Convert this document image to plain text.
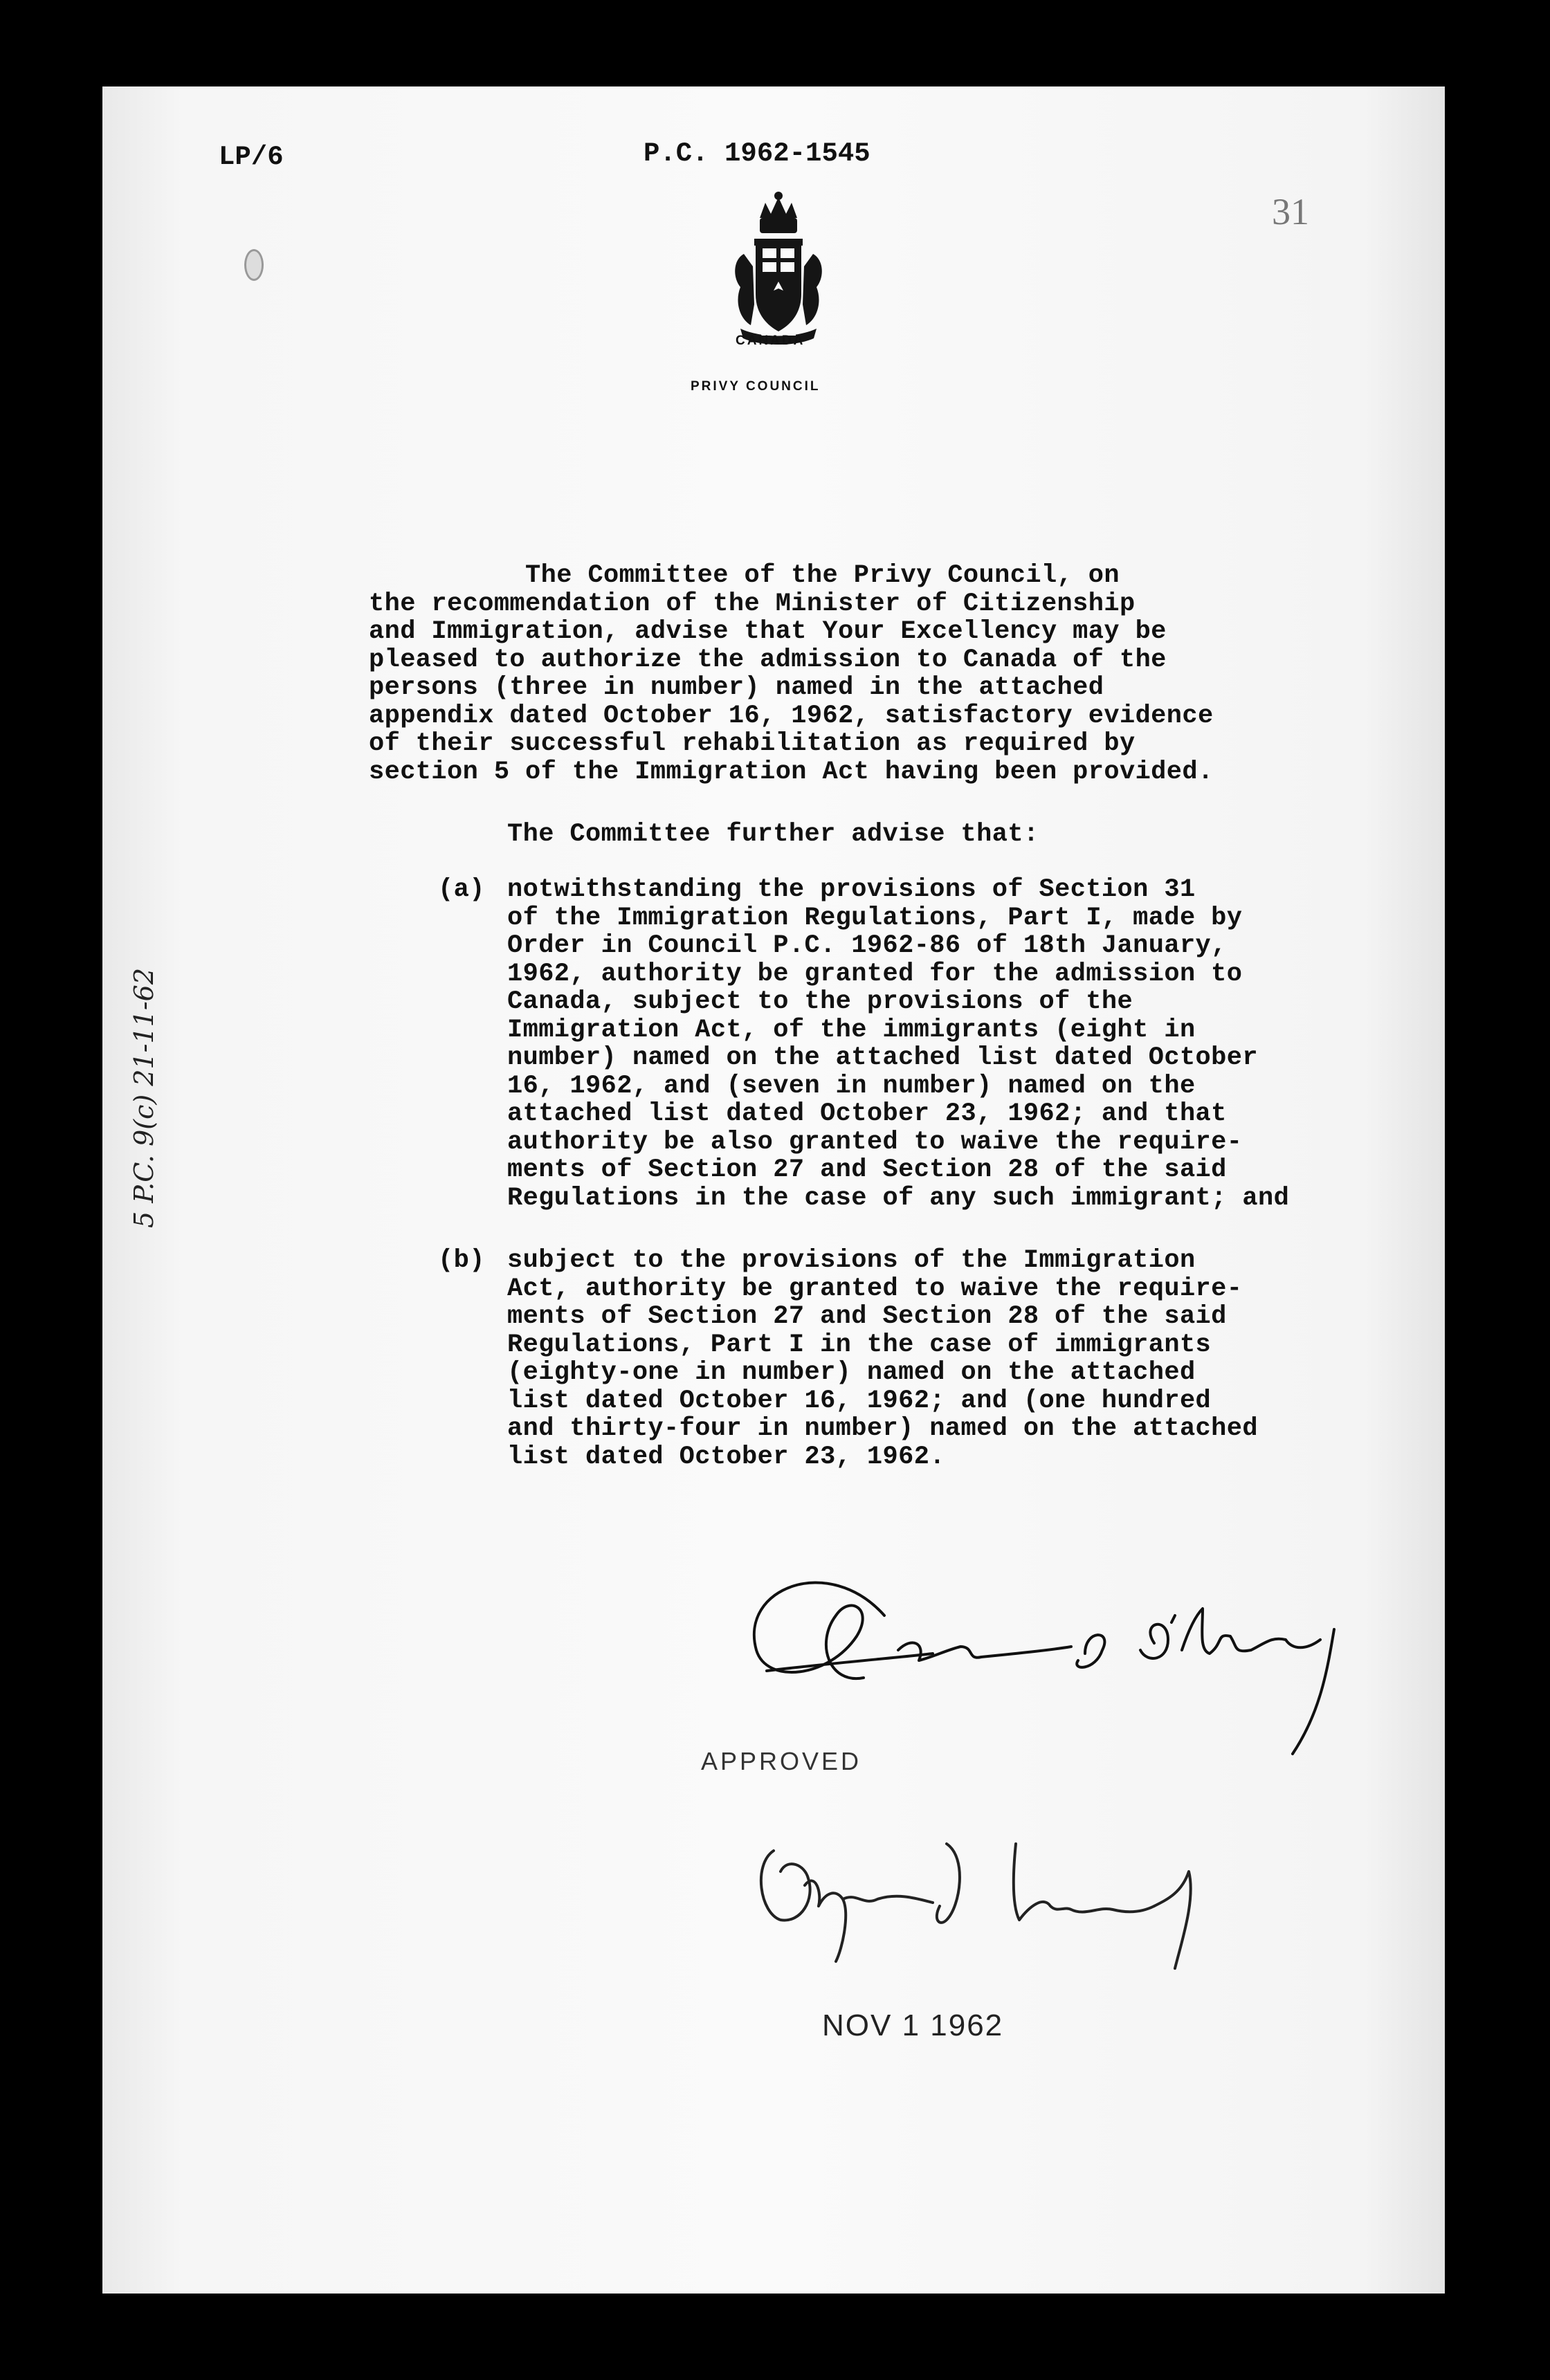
LP/6	P.C. 1962-1545
31
CANADA
PRIVY COUNCIL
5 P.C. 9(c) 21-11-62
The Committee of the Privy Council, on
the recommendation of the Minister of Citizenship
and Immigration, advise that Your Excellency may be
pleased to authorize the admission to Canada of the
persons (three in number) named in the attached
appendix dated October 16, 1962, satisfactory evidence
of their successful rehabilitation as required by
section 5 of the Immigration Act having been provided.
The Committee further advise that:
(a) notwithstanding the provisions of Section 31
of the Immigration Regulations, Part I, made by
Order in Council P.C. 1962-86 of 18th January,
1962, authority be granted for the admission to
Canada, subject to the provisions of the
Immigration Act, of the immigrants (eight in
number) named on the attached list dated October
16, 1962, and (seven in number) named on the
attached list dated October 23, 1962; and that
authority be also granted to waive the require-
ments of Section 27 and Section 28 of the said
Regulations in the case of any such immigrant; and
(b) subject to the provisions of the Immigration
Act, authority be granted to waive the require-
ments of Section 27 and Section 28 of the said
Regulations, Part I in the case of immigrants
(eighty-one in number) named on the attached
list dated October 16, 1962; and (one hundred
and thirty-four in number) named on the attached
list dated October 23, 1962.
APPROVED
NOV 1 1962
